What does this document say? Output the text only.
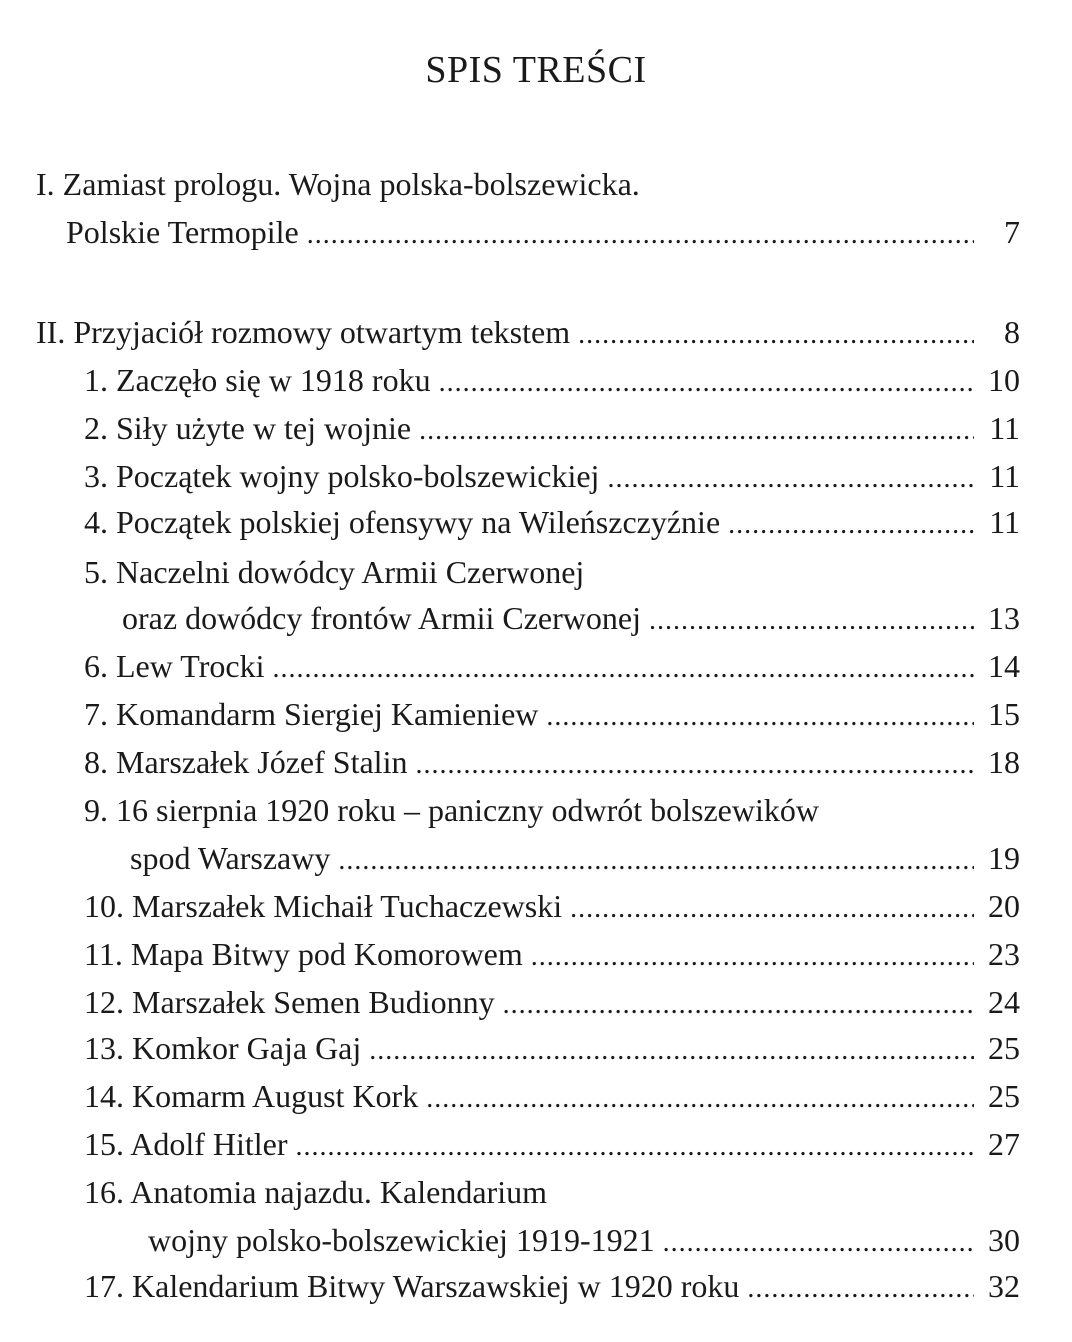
SPIS TREŚCI
I. Zamiast prologu. Wojna polska-bolszewicka.
Polskie Termopile .....	7
II. Przyjaciół rozmowy otwartym tekstem .....	8
1. Zaczęło się w 1918 roku .....	10
2. Siły użyte w tej wojnie .....	11
3. Początek wojny polsko-bolszewickiej .....	11
4. Początek polskiej ofensywy na Wileńszczyźnie .....	11
5. Naczelni dowódcy Armii Czerwonej
oraz dowódcy frontów Armii Czerwonej .....	13
6. Lew Trocki .....	14
7. Komandarm Siergiej Kamieniew .....	15
8. Marszałek Józef Stalin .....	18
9. 16 sierpnia 1920 roku – paniczny odwrót bolszewików
spod Warszawy .....	19
10. Marszałek Michaił Tuchaczewski .....	20
11. Mapa Bitwy pod Komorowem .....	23
12. Marszałek Semen Budionny .....	24
13. Komkor Gaja Gaj .....	25
14. Komarm August Kork .....	25
15. Adolf Hitler .....	27
16. Anatomia najazdu. Kalendarium
wojny polsko-bolszewickiej 1919-1921 .....	30
17. Kalendarium Bitwy Warszawskiej w 1920 roku .....	32
